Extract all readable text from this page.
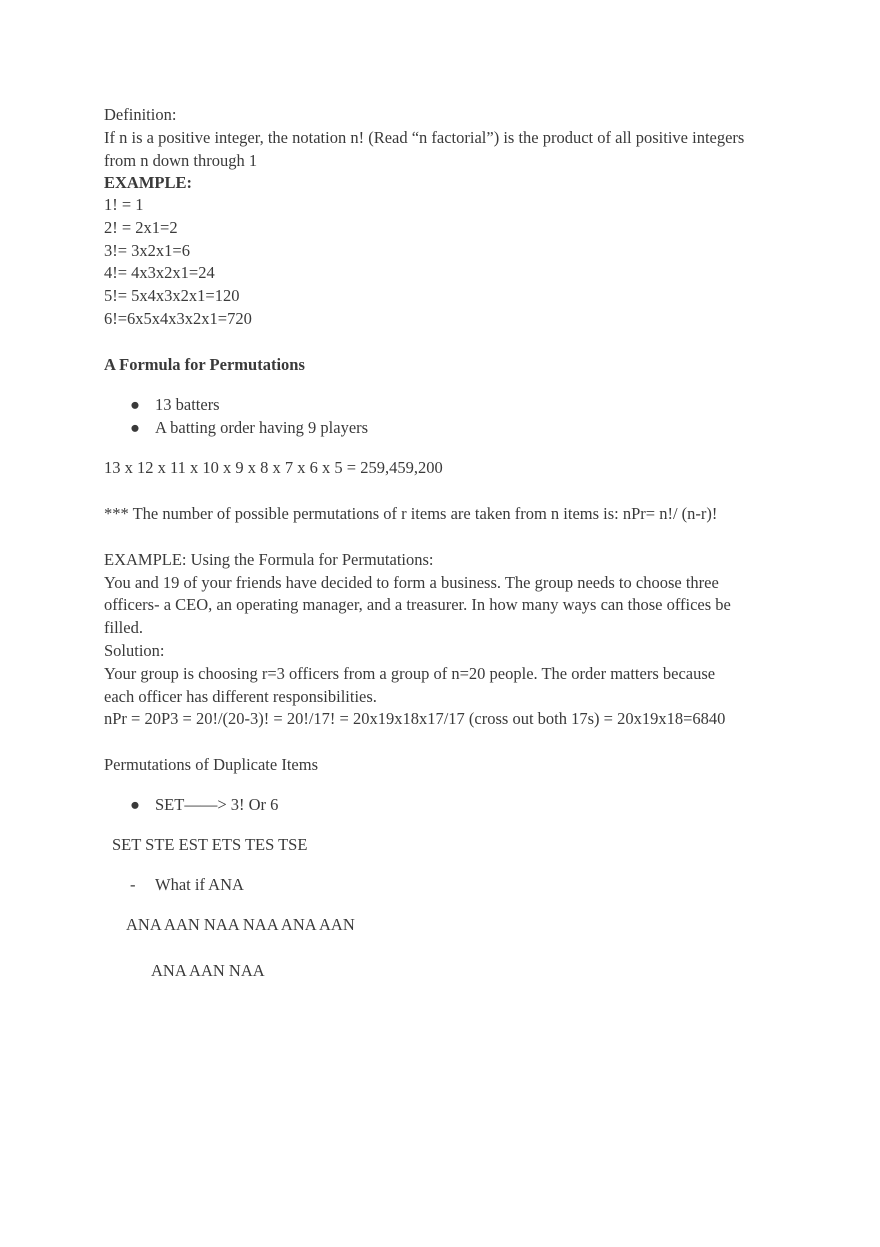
Definition:
If n is a positive integer, the notation n! (Read “n factorial”) is the product of all positive integers
from n down through 1
EXAMPLE:
1! = 1
2! = 2x1=2
3!= 3x2x1=6
4!= 4x3x2x1=24
5!= 5x4x3x2x1=120
6!=6x5x4x3x2x1=720
A Formula for Permutations
● 13 batters
● A batting order having 9 players
13 x 12 x 11 x 10 x 9 x 8 x 7 x 6 x 5 = 259,459,200
*** The number of possible permutations of r items are taken from n items is: nPr= n!/ (n-r)!
EXAMPLE: Using the Formula for Permutations:
You and 19 of your friends have decided to form a business. The group needs to choose three
officers- a CEO, an operating manager, and a treasurer. In how many ways can those offices be
filled.
Solution:
Your group is choosing r=3 officers from a group of n=20 people. The order matters because
each officer has different responsibilities.
nPr = 20P3 = 20!/(20-3)! = 20!/17! = 20x19x18x17/17 (cross out both 17s) = 20x19x18=6840
Permutations of Duplicate Items
● SET——> 3! Or 6
SET STE EST ETS TES TSE
- What if ANA
ANA AAN NAA NAA ANA AAN
ANA AAN NAA
